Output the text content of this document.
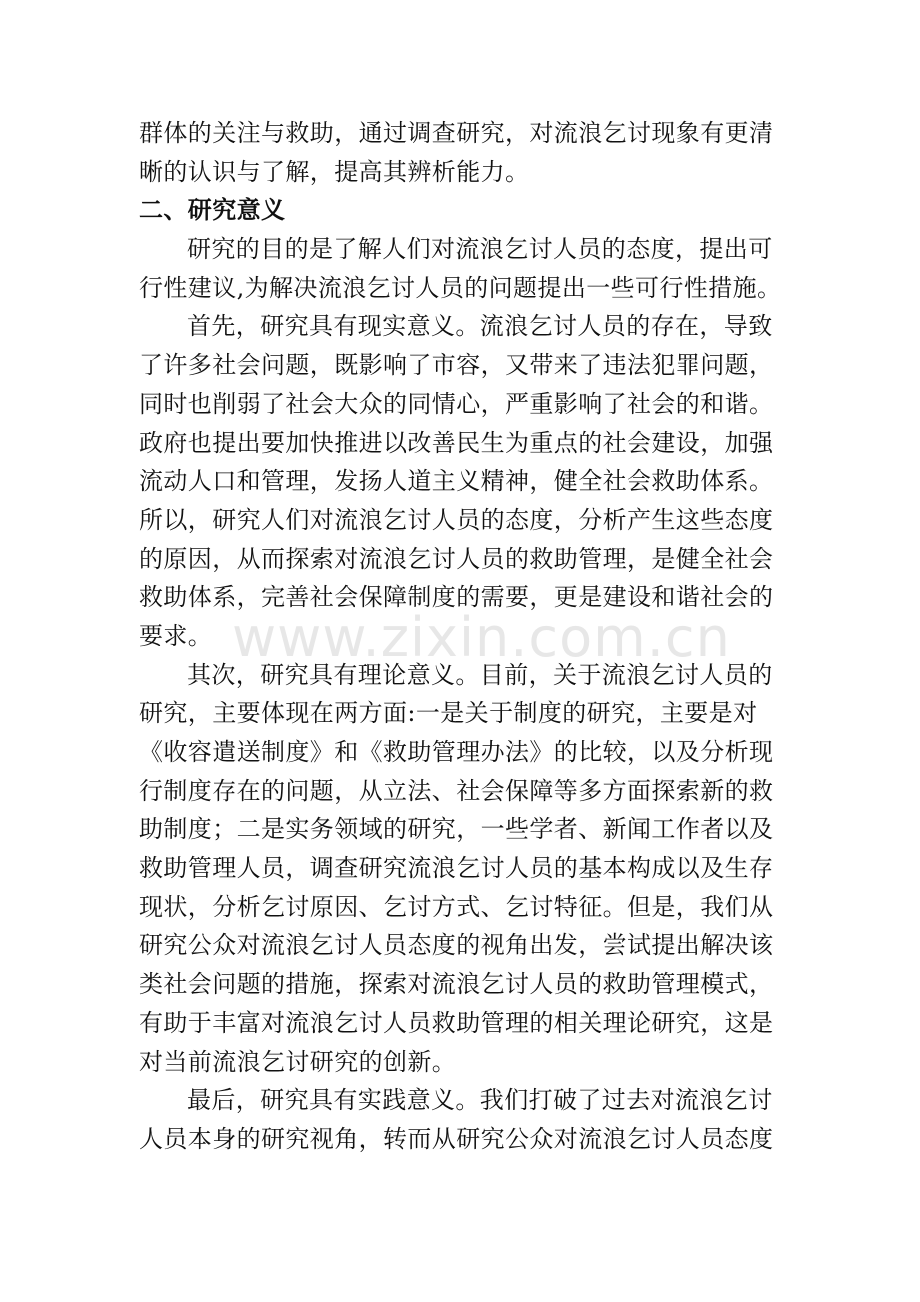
群体的关注与救助，通过调查研究，对流浪乞讨现象有更清
晰的认识与了解，提高其辨析能力。
二、研究意义
研究的目的是了解人们对流浪乞讨人员的态度，提出可
行性建议,为解决流浪乞讨人员的问题提出一些可行性措施。
首先，研究具有现实意义。流浪乞讨人员的存在，导致
了许多社会问题，既影响了市容，又带来了违法犯罪问题，
同时也削弱了社会大众的同情心，严重影响了社会的和谐。
政府也提出要加快推进以改善民生为重点的社会建设，加强
流动人口和管理，发扬人道主义精神，健全社会救助体系。
所以，研究人们对流浪乞讨人员的态度，分析产生这些态度
的原因，从而探索对流浪乞讨人员的救助管理，是健全社会
救助体系，完善社会保障制度的需要，更是建设和谐社会的
要求。
其次，研究具有理论意义。目前，关于流浪乞讨人员的
研究，主要体现在两方面:一是关于制度的研究，主要是对
《收容遣送制度》和《救助管理办法》的比较，以及分析现
行制度存在的问题，从立法、社会保障等多方面探索新的救
助制度；二是实务领域的研究，一些学者、新闻工作者以及
救助管理人员，调查研究流浪乞讨人员的基本构成以及生存
现状，分析乞讨原因、乞讨方式、乞讨特征。但是，我们从
研究公众对流浪乞讨人员态度的视角出发，尝试提出解决该
类社会问题的措施，探索对流浪乞讨人员的救助管理模式，
有助于丰富对流浪乞讨人员救助管理的相关理论研究，这是
对当前流浪乞讨研究的创新。
最后，研究具有实践意义。我们打破了过去对流浪乞讨
人员本身的研究视角，转而从研究公众对流浪乞讨人员态度
www.zixin.com.cn
